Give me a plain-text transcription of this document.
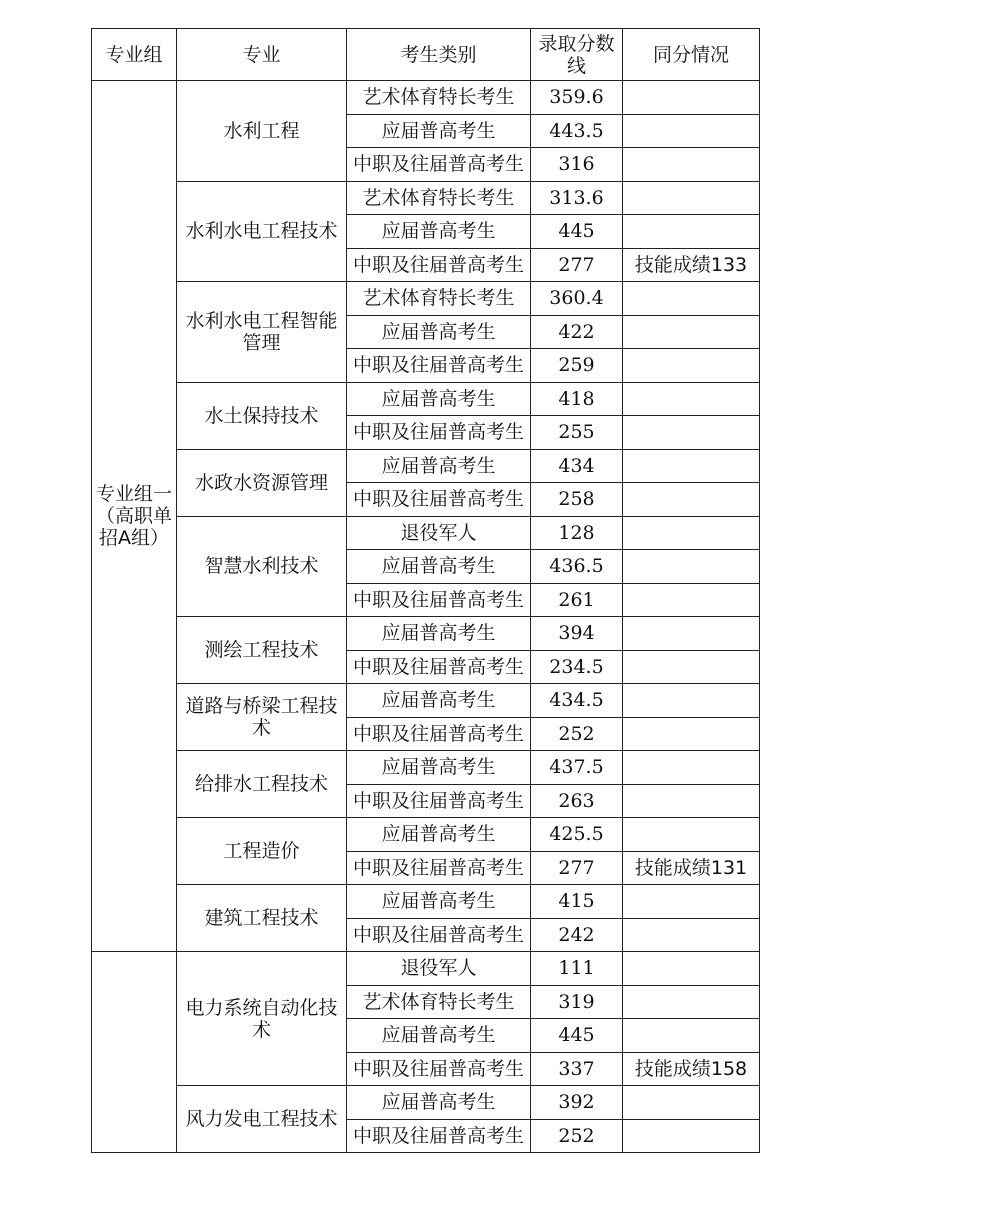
专业组	专业	考生类别	录取分数线	同分情况
专业组一（高职单招A组）	水利工程	艺术体育特长考生	359.6	
		应届普高考生	443.5	
		中职及往届普高考生	316	
	水利水电工程技术	艺术体育特长考生	313.6	
		应届普高考生	445	
		中职及往届普高考生	277	技能成绩133
	水利水电工程智能管理	艺术体育特长考生	360.4	
		应届普高考生	422	
		中职及往届普高考生	259	
	水土保持技术	应届普高考生	418	
		中职及往届普高考生	255	
	水政水资源管理	应届普高考生	434	
		中职及往届普高考生	258	
	智慧水利技术	退役军人	128	
		应届普高考生	436.5	
		中职及往届普高考生	261	
	测绘工程技术	应届普高考生	394	
		中职及往届普高考生	234.5	
	道路与桥梁工程技术	应届普高考生	434.5	
		中职及往届普高考生	252	
	给排水工程技术	应届普高考生	437.5	
		中职及往届普高考生	263	
	工程造价	应届普高考生	425.5	
		中职及往届普高考生	277	技能成绩131
	建筑工程技术	应届普高考生	415	
		中职及往届普高考生	242	
	电力系统自动化技术	退役军人	111	
		艺术体育特长考生	319	
		应届普高考生	445	
		中职及往届普高考生	337	技能成绩158
	风力发电工程技术	应届普高考生	392	
		中职及往届普高考生	252	
